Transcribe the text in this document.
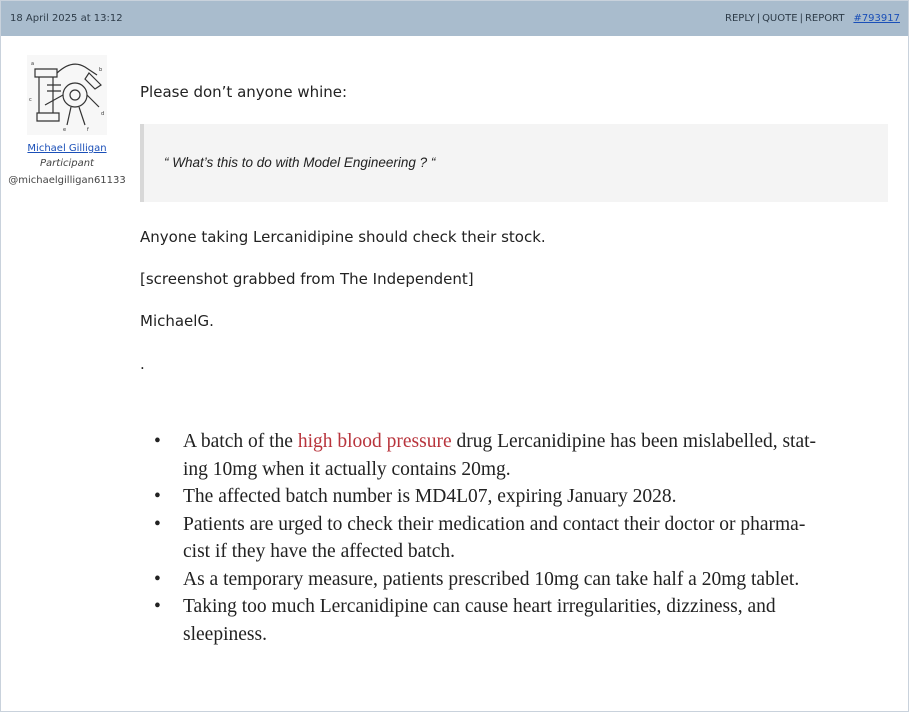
18 April 2025 at 13:12	REPLY | QUOTE | REPORT #793917
a
b
c
d
e	f
Michael Gilligan
Participant
@michaelgilligan61133

Please don’t anyone whine:

“ What’s this to do with Model Engineering ? “

Anyone taking Lercanidipine should check their stock.

[screenshot grabbed from The Independent]

MichaelG.

.

• A batch of the high blood pressure drug Lercanidipine has been mislabelled, stat-
ing 10mg when it actually contains 20mg.
• The affected batch number is MD4L07, expiring January 2028.
• Patients are urged to check their medication and contact their doctor or pharma-
cist if they have the affected batch.
• As a temporary measure, patients prescribed 10mg can take half a 20mg tablet.
• Taking too much Lercanidipine can cause heart irregularities, dizziness, and
sleepiness.
